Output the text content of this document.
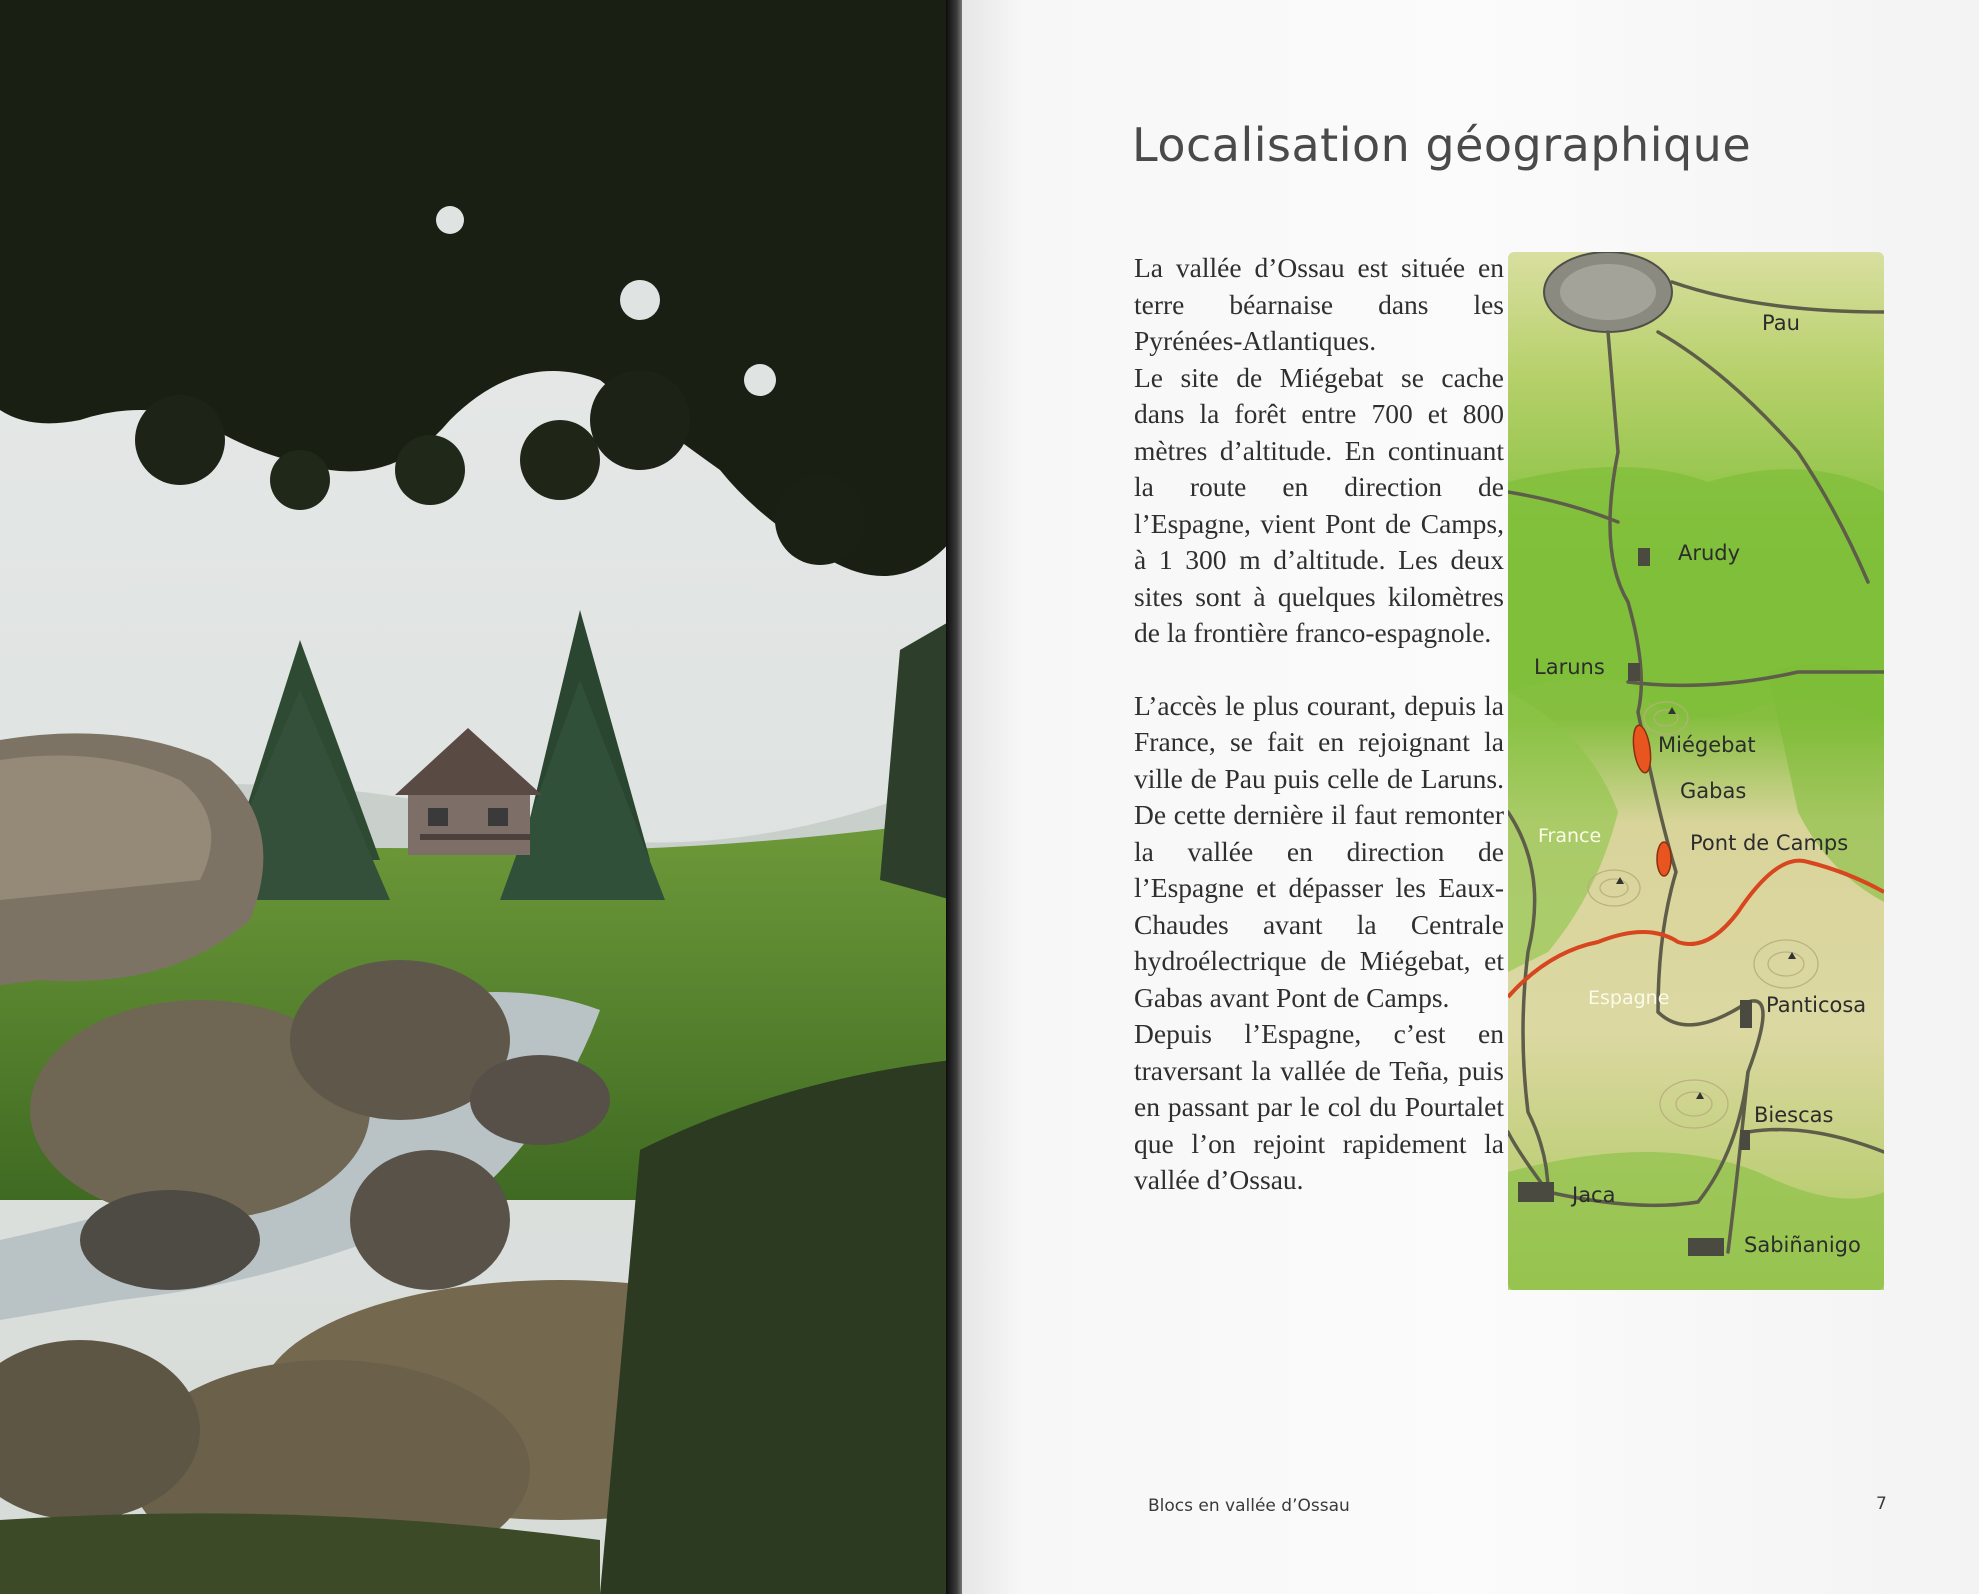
Localisation géographique

La vallée d’Ossau est située en terre béarnaise dans les Pyrénées-Atlantiques.

Le site de Miégebat se cache dans la forêt entre 700 et 800 mètres d’altitude. En continuant la route en direction de l’Espagne, vient Pont de Camps, à 1 300 m d’altitude. Les deux sites sont à quelques kilomètres de la frontière franco-espagnole.

L’accès le plus courant, depuis la France, se fait en rejoignant la ville de Pau puis celle de Laruns. De cette dernière il faut remonter la vallée en direction de l’Espagne et dépasser les Eaux-Chaudes avant la Centrale hydroélectrique de Miégebat, et Gabas avant Pont de Camps.

Depuis l’Espagne, c’est en traversant la vallée de Teña, puis en passant par le col du Pourtalet que l’on rejoint rapidement la vallée d’Ossau.

Pau
Arudy
Laruns
Miégebat
Gabas
France	Pont de Camps
Espagne	Panticosa
Biescas
Jaca
Sabiñanigo
Blocs en vallée d’Ossau	7
